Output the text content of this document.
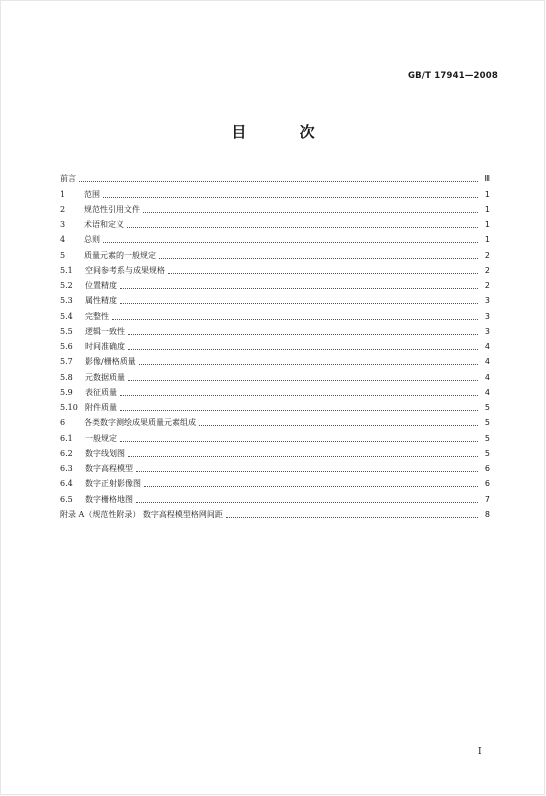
GB/T 17941—2008
目 次
前言	Ⅲ
1	范围	1
2	规范性引用文件	1
3	术语和定义	1
4	总则	1
5	质量元素的一般规定	2
5.1	空间参考系与成果规格	2
5.2	位置精度	2
5.3	属性精度	3
5.4	完整性	3
5.5	逻辑一致性	3
5.6	时间准确度	4
5.7	影像/栅格质量	4
5.8	元数据质量	4
5.9	表征质量	4
5.10 附件质量	5
6	各类数字测绘成果质量元素组成	5
6.1	一般规定	5
6.2	数字线划图	5
6.3	数字高程模型	6
6.4	数字正射影像图	6
6.5	数字栅格地图	7
附录 A（规范性附录） 数字高程模型格网间距	8
I
